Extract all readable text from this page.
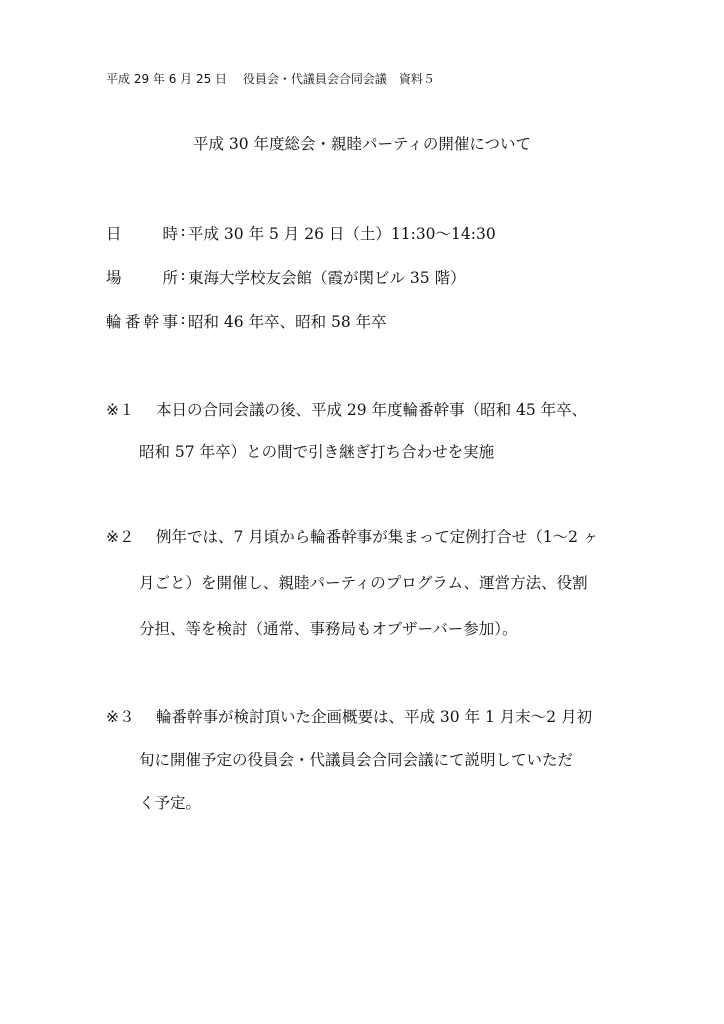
平成 29 年 6 月 25 日　 役員会・代議員会合同会議　資料５
平成 30 年度総会・親睦パーティの開催について
日時 : 平成 30 年 5 月 26 日（土）11:30～14:30
場所 : 東海大学校友会館（霞が関ビル 35 階）
輪番幹事 : 昭和 46 年卒、昭和 58 年卒
※１	本日の合同会議の後、平成 29 年度輪番幹事（昭和 45 年卒、
昭和 57 年卒）との間で引き継ぎ打ち合わせを実施
※２	例年では、7 月頃から輪番幹事が集まって定例打合せ（1～2 ヶ
月ごと）を開催し、親睦パーティのプログラム、運営方法、役割
分担、等を検討（通常、事務局もオブザーバー参加）。
※３	輪番幹事が検討頂いた企画概要は、平成 30 年 1 月末～2 月初
旬に開催予定の役員会・代議員会合同会議にて説明していただ
く予定。
